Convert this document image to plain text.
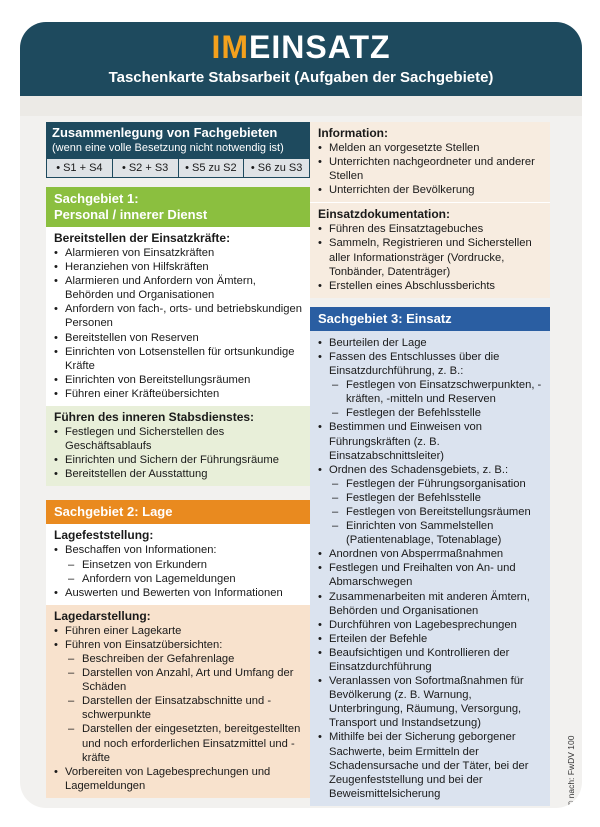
IMEINSATZ
Taschenkarte Stabsarbeit (Aufgaben der Sachgebiete)
Zusammenlegung von Fachgebieten
(wenn eine volle Besetzung nicht notwendig ist)
• S1 + S4	• S2 + S3	• S5 zu S2	• S6 zu S3
Sachgebiet 1:
Personal / innerer Dienst
Bereitstellen der Einsatzkräfte:
• Alarmieren von Einsatzkräften
• Heranziehen von Hilfskräften
• Alarmieren und Anfordern von Ämtern, Behörden und Organisationen
• Anfordern von fach-, orts- und betriebskundigen Personen
• Bereitstellen von Reserven
• Einrichten von Lotsenstellen für ortsunkundige Kräfte
• Einrichten von Bereitstellungsräumen
• Führen einer Kräfteübersichten
Führen des inneren Stabsdienstes:
• Festlegen und Sicherstellen des Geschäftsablaufs
• Einrichten und Sichern der Führungsräume
• Bereitstellen der Ausstattung
Sachgebiet 2: Lage
Lagefeststellung:
• Beschaffen von Informationen:
– Einsetzen von Erkundern
– Anfordern von Lagemeldungen
• Auswerten und Bewerten von Informationen
Lagedarstellung:
• Führen einer Lagekarte
• Führen von Einsatzübersichten:
– Beschreiben der Gefahrenlage
– Darstellen von Anzahl, Art und Umfang der Schäden
– Darstellen der Einsatzabschnitte und -schwerpunkte
– Darstellen der eingesetzten, bereitgestellten und noch erforderlichen Einsatzmittel und -kräfte
• Vorbereiten von Lagebesprechungen und Lagemeldungen
Information:
• Melden an vorgesetzte Stellen
• Unterrichten nachgeordneter und anderer Stellen
• Unterrichten der Bevölkerung
Einsatzdokumentation:
• Führen des Einsatztagebuches
• Sammeln, Registrieren und Sicherstellen aller Informationsträger (Vordrucke, Tonbänder, Datenträger)
• Erstellen eines Abschlussberichts
Sachgebiet 3: Einsatz
• Beurteilen der Lage
• Fassen des Entschlusses über die Einsatzdurchführung, z. B.:
– Festlegen von Einsatzschwerpunkten, -kräften, -mitteln und Reserven
– Festlegen der Befehlsstelle
• Bestimmen und Einweisen von Führungskräften (z. B. Einsatzabschnittsleiter)
• Ordnen des Schadensgebiets, z. B.:
– Festlegen der Führungsorganisation
– Festlegen der Befehlsstelle
– Festlegen von Bereitstellungsräumen
– Einrichten von Sammelstellen (Patientenablage, Totenablage)
• Anordnen von Absperrmaßnahmen
• Festlegen und Freihalten von An- und Abmarschwegen
• Zusammenarbeiten mit anderen Ämtern, Behörden und Organisationen
• Durchführen von Lagebesprechungen
• Erteilen der Befehle
• Beaufsichtigen und Kontrollieren der Einsatzdurchführung
• Veranlassen von Sofortmaßnahmen für Bevölkerung (z. B. Warnung, Unterbringung, Räumung, Versorgung, Transport und Instandsetzung)
• Mithilfe bei der Sicherung geborgener Sachwerte, beim Ermitteln der Schadensursache und der Täter, bei der Zeugenfeststellung und bei der Beweismittelsicherung	© nach: FwDV 100
